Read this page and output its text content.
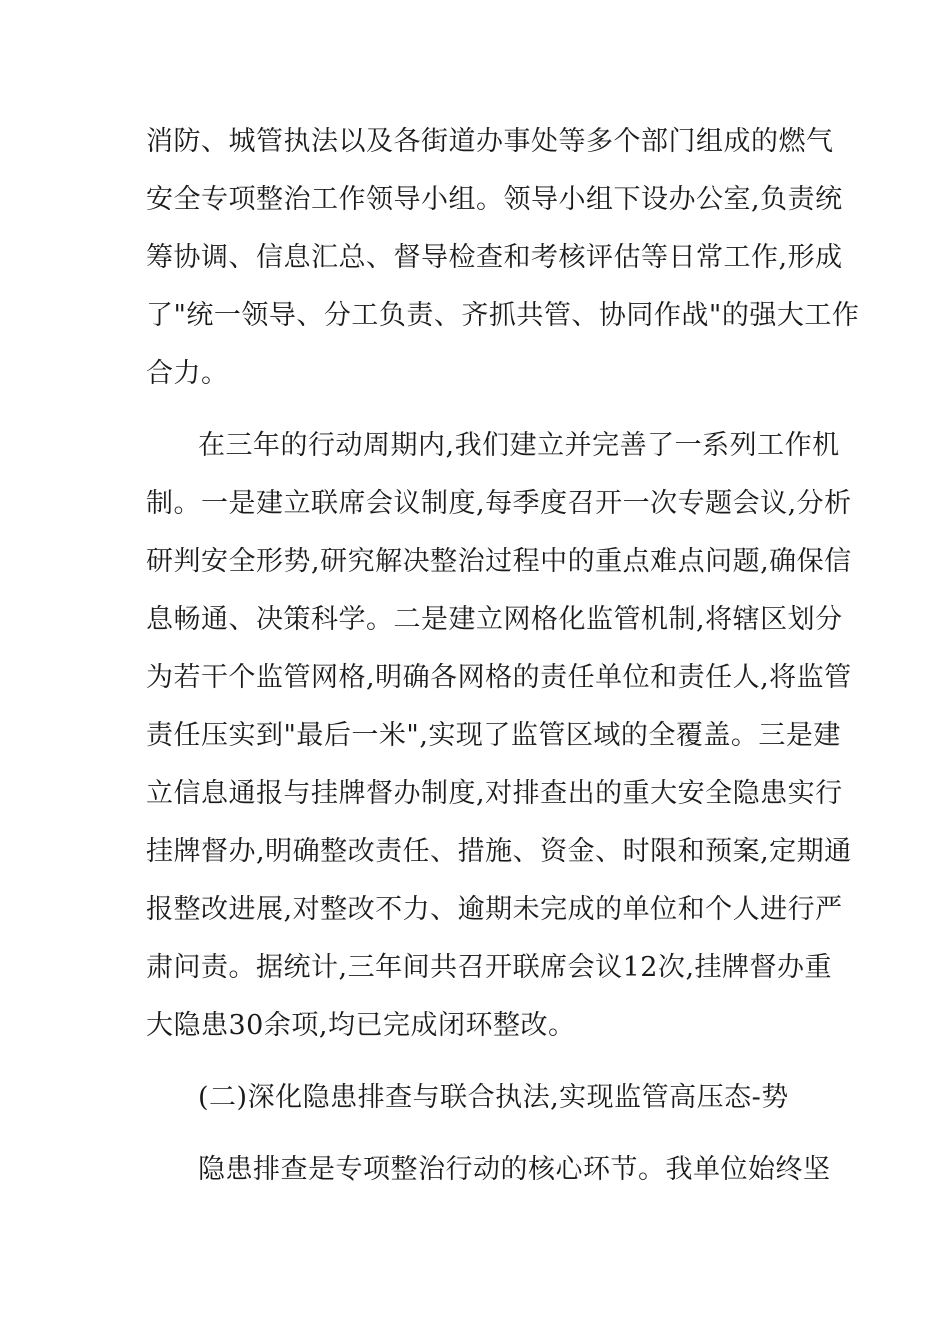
消防、城管执法以及各街道办事处等多个部门组成的燃气
安全专项整治工作领导小组。领导小组下设办公室,负责统
筹协调、信息汇总、督导检查和考核评估等日常工作,形成
了"统一领导、分工负责、齐抓共管、协同作战"的强大工作
合力。
在三年的行动周期内,我们建立并完善了一系列工作机
制。一是建立联席会议制度,每季度召开一次专题会议,分析
研判安全形势,研究解决整治过程中的重点难点问题,确保信
息畅通、决策科学。二是建立网格化监管机制,将辖区划分
为若干个监管网格,明确各网格的责任单位和责任人,将监管
责任压实到"最后一米",实现了监管区域的全覆盖。三是建
立信息通报与挂牌督办制度,对排查出的重大安全隐患实行
挂牌督办,明确整改责任、措施、资金、时限和预案,定期通
报整改进展,对整改不力、逾期未完成的单位和个人进行严
肃问责。据统计,三年间共召开联席会议12次,挂牌督办重
大隐患30余项,均已完成闭环整改。
(二)深化隐患排查与联合执法,实现监管高压态-势
隐患排查是专项整治行动的核心环节。我单位始终坚
